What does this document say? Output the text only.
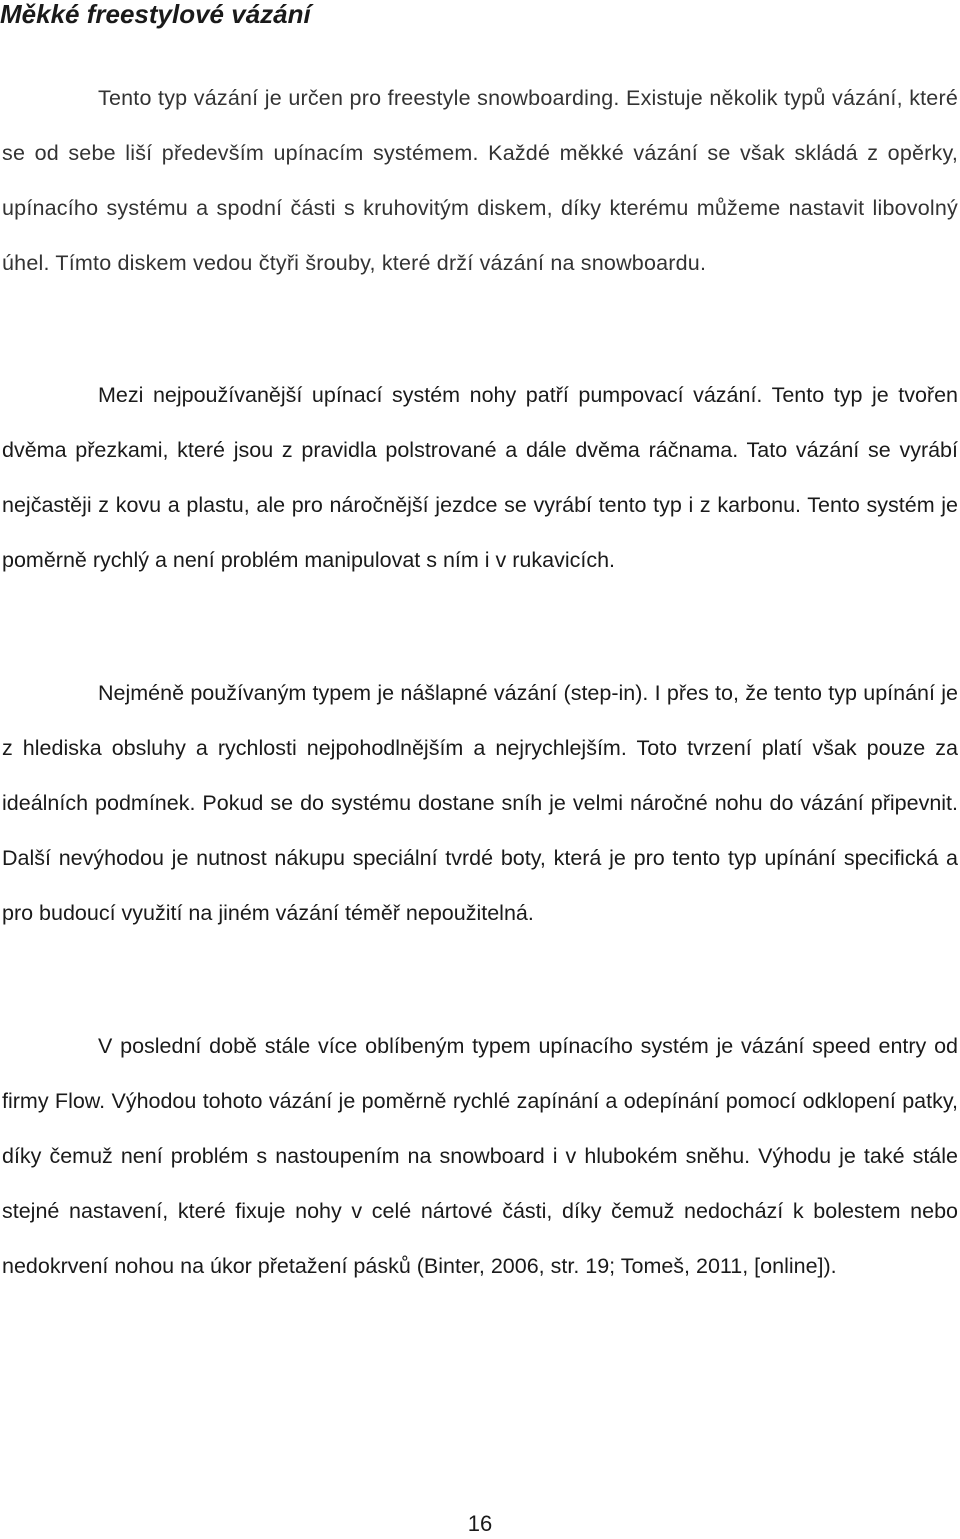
Měkké freestylové vázání

Tento typ vázání je určen pro freestyle snowboarding. Existuje několik typů vázání, které se od sebe liší především upínacím systémem. Každé měkké vázání se však skládá z opěrky, upínacího systému a spodní části s kruhovitým diskem, díky kterému můžeme nastavit libovolný úhel. Tímto diskem vedou čtyři šrouby, které drží vázání na snowboardu.

Mezi nejpoužívanější upínací systém nohy patří pumpovací vázání. Tento typ je tvořen dvěma přezkami, které jsou z pravidla polstrované a dále dvěma ráčnama. Tato vázání se vyrábí nejčastěji z kovu a plastu, ale pro náročnější jezdce se vyrábí tento typ i z karbonu. Tento systém je poměrně rychlý a není problém manipulovat s ním i v rukavicích.

Nejméně používaným typem je nášlapné vázání (step-in). I přes to, že tento typ upínání je z hlediska obsluhy a rychlosti nejpohodlnějším a nejrychlejším. Toto tvrzení platí však pouze za ideálních podmínek. Pokud se do systému dostane sníh je velmi náročné nohu do vázání připevnit. Další nevýhodou je nutnost nákupu speciální tvrdé boty, která je pro tento typ upínání specifická a pro budoucí využití na jiném vázání téměř nepoužitelná.

V poslední době stále více oblíbeným typem upínacího systém je vázání speed entry od firmy Flow. Výhodou tohoto vázání je poměrně rychlé zapínání a odepínání pomocí odklopení patky, díky čemuž není problém s nastoupením na snowboard i v hlubokém sněhu. Výhodu je také stále stejné nastavení, které fixuje nohy v celé nártové části, díky čemuž nedochází k bolestem nebo nedokrvení nohou na úkor přetažení pásků (Binter, 2006, str. 19; Tomeš, 2011, [online]).

16
